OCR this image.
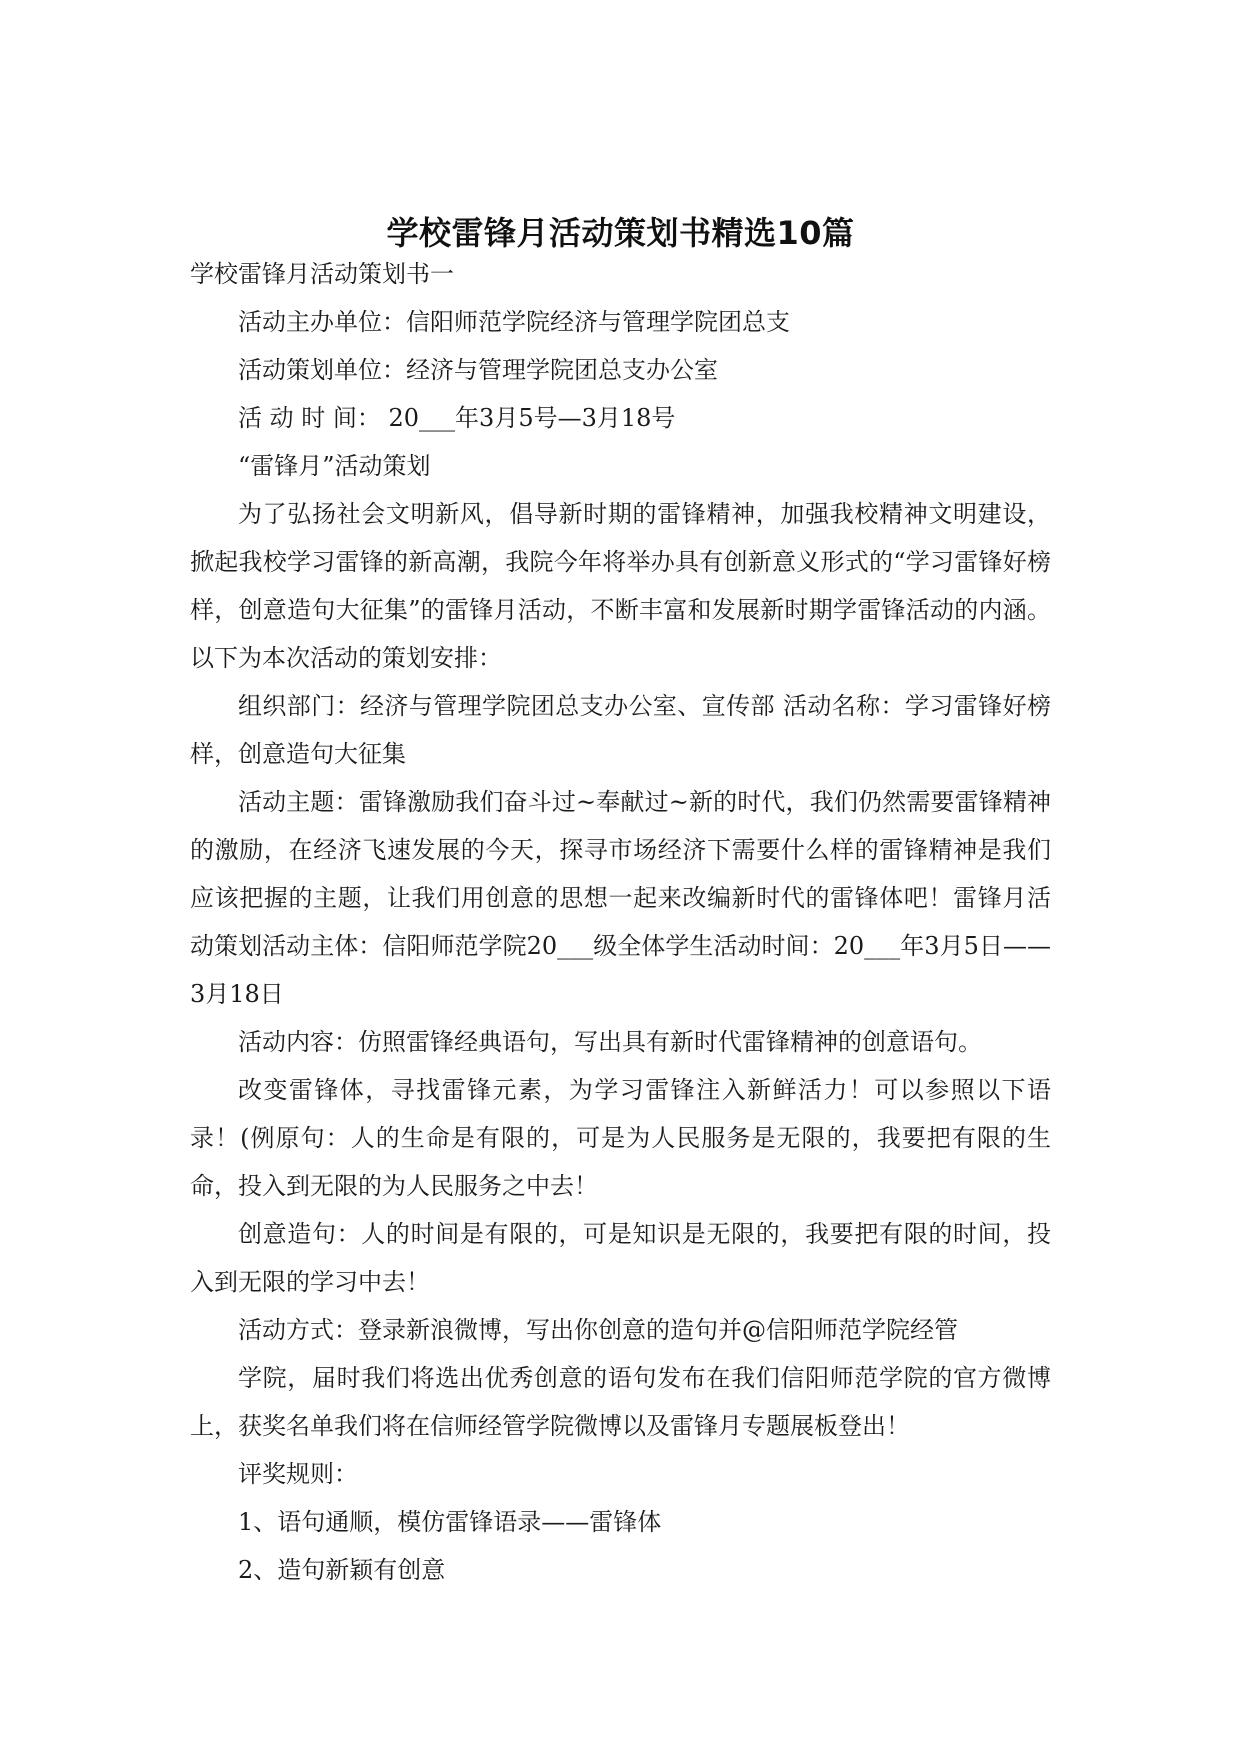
学校雷锋月活动策划书精选10篇

学校雷锋月活动策划书一

活动主办单位：信阳师范学院经济与管理学院团总支

活动策划单位：经济与管理学院团总支办公室

活 动 时 间： 20___年3月5号—3月18号

“雷锋月”活动策划

为了弘扬社会文明新风，倡导新时期的雷锋精神，加强我校精神文明建设，掀起我校学习雷锋的新高潮，我院今年将举办具有创新意义形式的“学习雷锋好榜样，创意造句大征集”的雷锋月活动，不断丰富和发展新时期学雷锋活动的内涵。以下为本次活动的策划安排：

组织部门：经济与管理学院团总支办公室、宣传部 活动名称：学习雷锋好榜样，创意造句大征集

活动主题：雷锋激励我们奋斗过~奉献过~新的时代，我们仍然需要雷锋精神的激励，在经济飞速发展的今天，探寻市场经济下需要什么样的雷锋精神是我们应该把握的主题，让我们用创意的思想一起来改编新时代的雷锋体吧！雷锋月活动策划活动主体：信阳师范学院20___级全体学生活动时间：20___年3月5日——3月18日

活动内容：仿照雷锋经典语句，写出具有新时代雷锋精神的创意语句。

改变雷锋体，寻找雷锋元素，为学习雷锋注入新鲜活力！可以参照以下语录！(例原句：人的生命是有限的，可是为人民服务是无限的，我要把有限的生命，投入到无限的为人民服务之中去！

创意造句：人的时间是有限的，可是知识是无限的，我要把有限的时间，投入到无限的学习中去！

活动方式：登录新浪微博，写出你创意的造句并@信阳师范学院经管

学院，届时我们将选出优秀创意的语句发布在我们信阳师范学院的官方微博上，获奖名单我们将在信师经管学院微博以及雷锋月专题展板登出！

评奖规则：

1、语句通顺，模仿雷锋语录——雷锋体

2、造句新颖有创意
